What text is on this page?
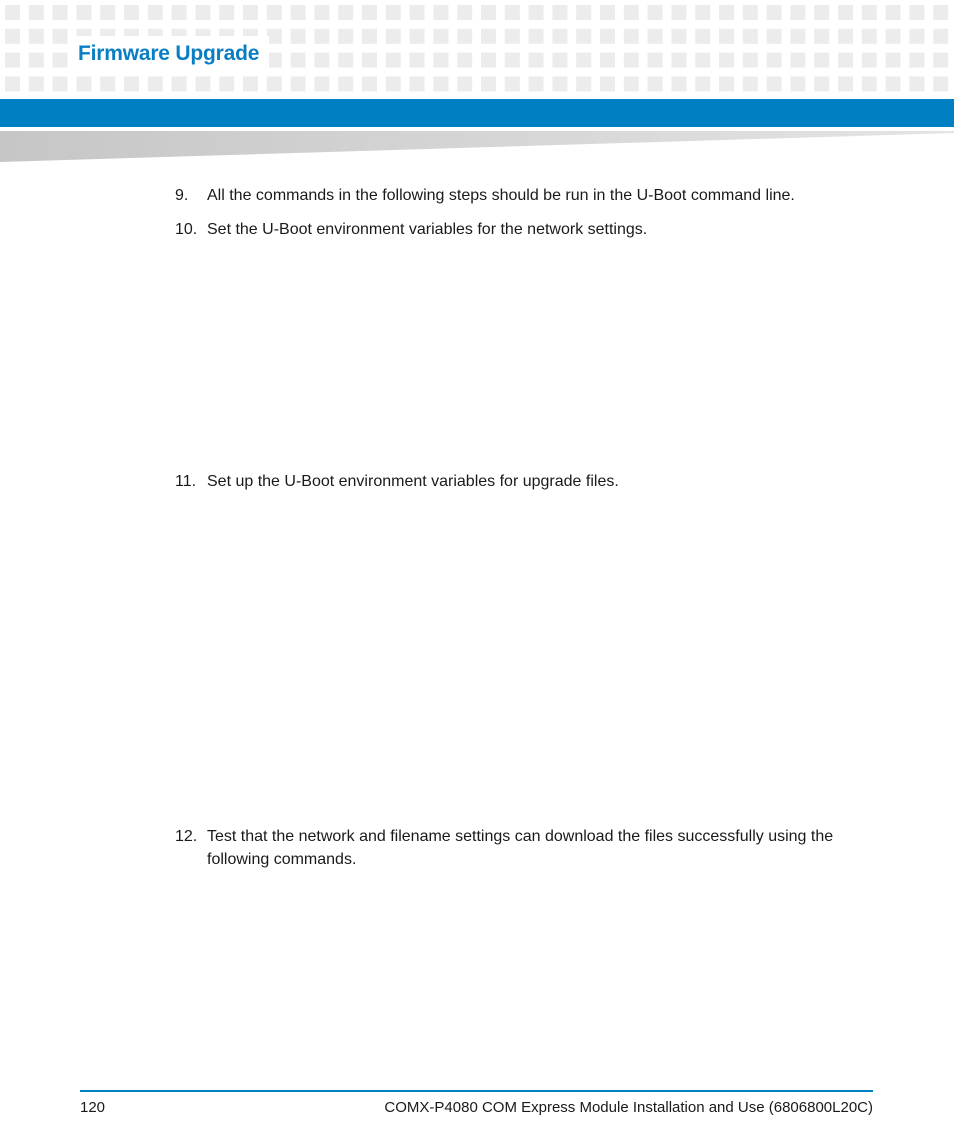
Firmware Upgrade
9.	All the commands in the following steps should be run in the U-Boot command line.
10. Set the U-Boot environment variables for the network settings.
11. Set up the U-Boot environment variables for upgrade files.
12. Test that the network and filename settings can download the files successfully using the following commands.
120	COMX-P4080 COM Express Module Installation and Use (6806800L20C)
